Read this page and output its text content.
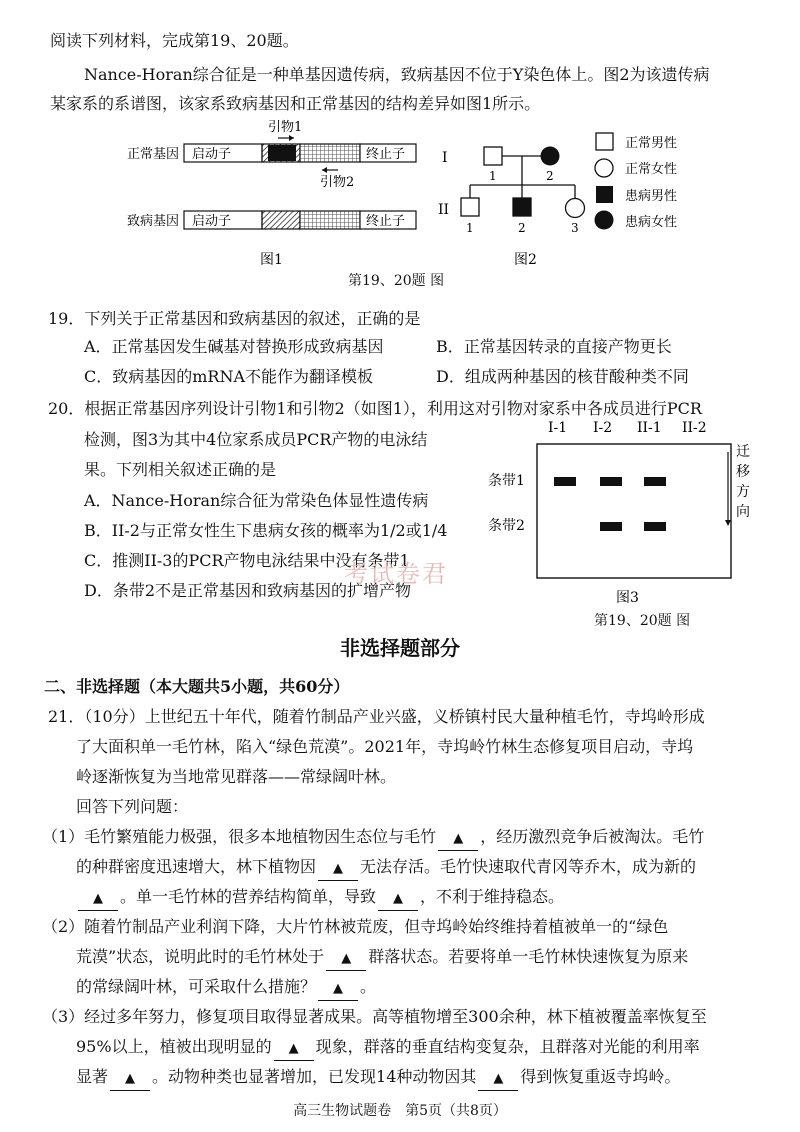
阅读下列材料，完成第19、20题。
Nance-Horan综合征是一种单基因遗传病，致病基因不位于Y染色体上。图2为该遗传病
某家系的系谱图，该家系致病基因和正常基因的结构差异如图1所示。
引物1
正常基因 启动子	终止子
引物2
致病基因 启动子	终止子
图1
I
II
1	2
1	2	3
正常男性
正常女性
患病男性
患病女性
图2
第19、20题 图
19．下列关于正常基因和致病基因的叙述，正确的是
A．正常基因发生碱基对替换形成致病基因	B．正常基因转录的直接产物更长
C．致病基因的mRNA不能作为翻译模板	D．组成两种基因的核苷酸种类不同
20．根据正常基因序列设计引物1和引物2（如图1），利用这对引物对家系中各成员进行PCR
检测，图3为其中4位家系成员PCR产物的电泳结
果。下列相关叙述正确的是
A．Nance-Horan综合征为常染色体显性遗传病
B．II-2与正常女性生下患病女孩的概率为1/2或1/4
C．推测II-3的PCR产物电泳结果中没有条带1
D．条带2不是正常基因和致病基因的扩增产物
考试卷君
I-1 I-2 II-1 II-2
条带1
条带2
迁
移
方
向
图3
第19、20题 图
非选择题部分
二、非选择题（本大题共5小题，共60分）
21．（10分）上世纪五十年代，随着竹制品产业兴盛，义桥镇村民大量种植毛竹，寺坞岭形成
了大面积单一毛竹林，陷入“绿色荒漠”。2021年，寺坞岭竹林生态修复项目启动，寺坞
岭逐渐恢复为当地常见群落——常绿阔叶林。
回答下列问题：
（1）毛竹繁殖能力极强，很多本地植物因生态位与毛竹 ▲ ，经历激烈竞争后被淘汰。毛竹
的种群密度迅速增大，林下植物因 ▲ 无法存活。毛竹快速取代青冈等乔木，成为新的
▲ 。单一毛竹林的营养结构简单，导致 ▲ ，不利于维持稳态。
（2）随着竹制品产业利润下降，大片竹林被荒废，但寺坞岭始终维持着植被单一的“绿色
荒漠”状态，说明此时的毛竹林处于 ▲ 群落状态。若要将单一毛竹林快速恢复为原来
的常绿阔叶林，可采取什么措施？ ▲ 。
（3）经过多年努力，修复项目取得显著成果。高等植物增至300余种，林下植被覆盖率恢复至
95%以上，植被出现明显的 ▲ 现象，群落的垂直结构变复杂，且群落对光能的利用率
显著 ▲ 。动物种类也显著增加，已发现14种动物因其 ▲ 得到恢复重返寺坞岭。
高三生物试题卷　第5页（共8页）
